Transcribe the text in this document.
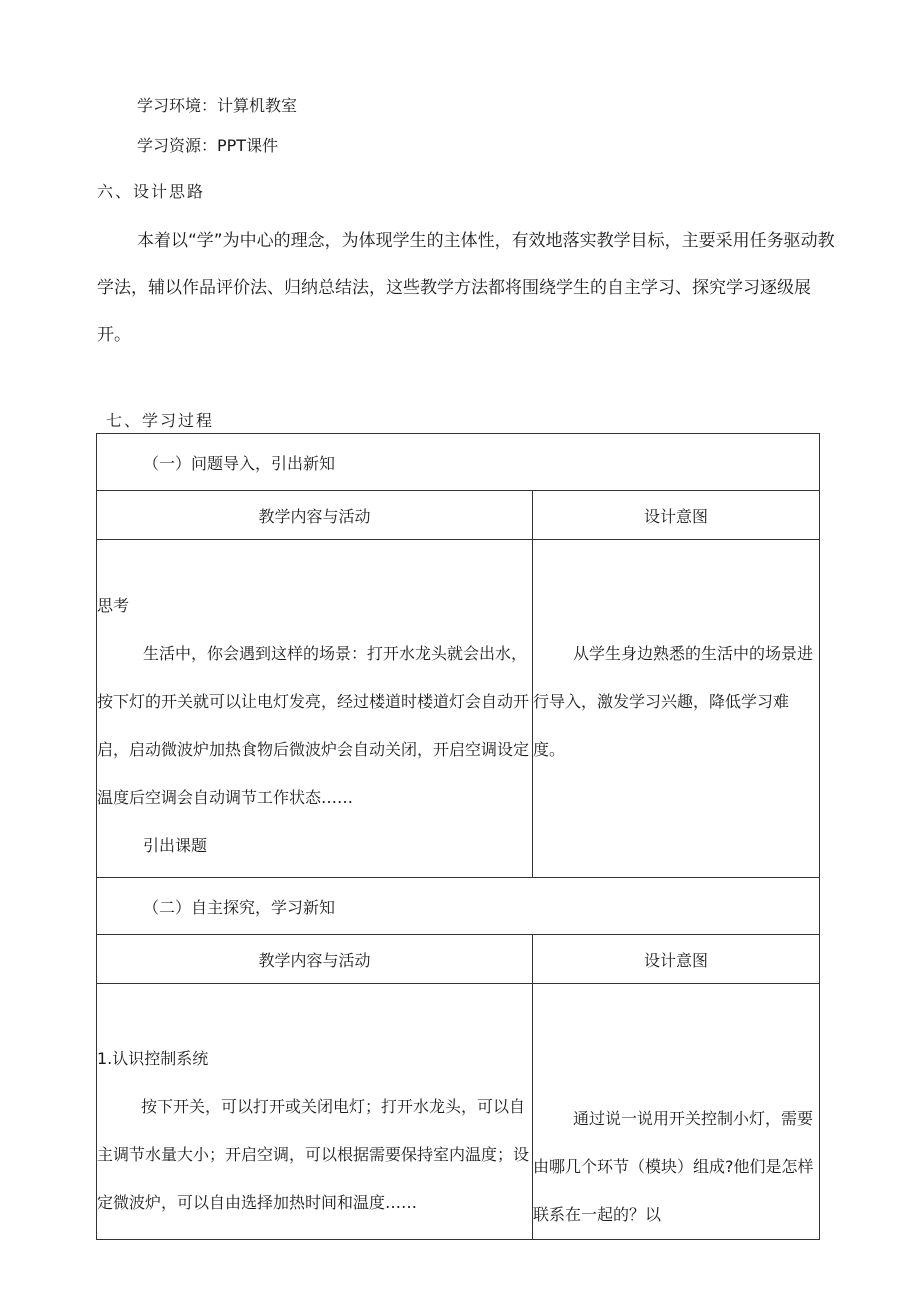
学习环境：计算机教室
学习资源：PPT课件
六、设计思路
本着以“学”为中心的理念，为体现学生的主体性，有效地落实教学目标，主要采用任务驱动教学法，辅以作品评价法、归纳总结法，这些教学方法都将围绕学生的自主学习、探究学习逐级展开。
七、学习过程
（一）问题导入，引出新知	
教学内容与活动	设计意图

思考
生活中，你会遇到这样的场景：打开水龙头就会出水，按下灯的开关就可以让电灯发亮，经过楼道时楼道灯会自动开启，启动微波炉加热食物后微波炉会自动关闭，开启空调设定温度后空调会自动调节工作状态……
引出课题	从学生身边熟悉的生活中的场景进行导入，激发学习兴趣，降低学习难度。

（二）自主探究，学习新知	
教学内容与活动	设计意图

1.认识控制系统
按下开关，可以打开或关闭电灯；打开水龙头，可以自主调节水量大小；开启空调，可以根据需要保持室内温度；设定微波炉，可以自由选择加热时间和温度……	通过说一说用开关控制小灯，需要由哪几个环节（模块）组成?他们是怎样联系在一起的？以
